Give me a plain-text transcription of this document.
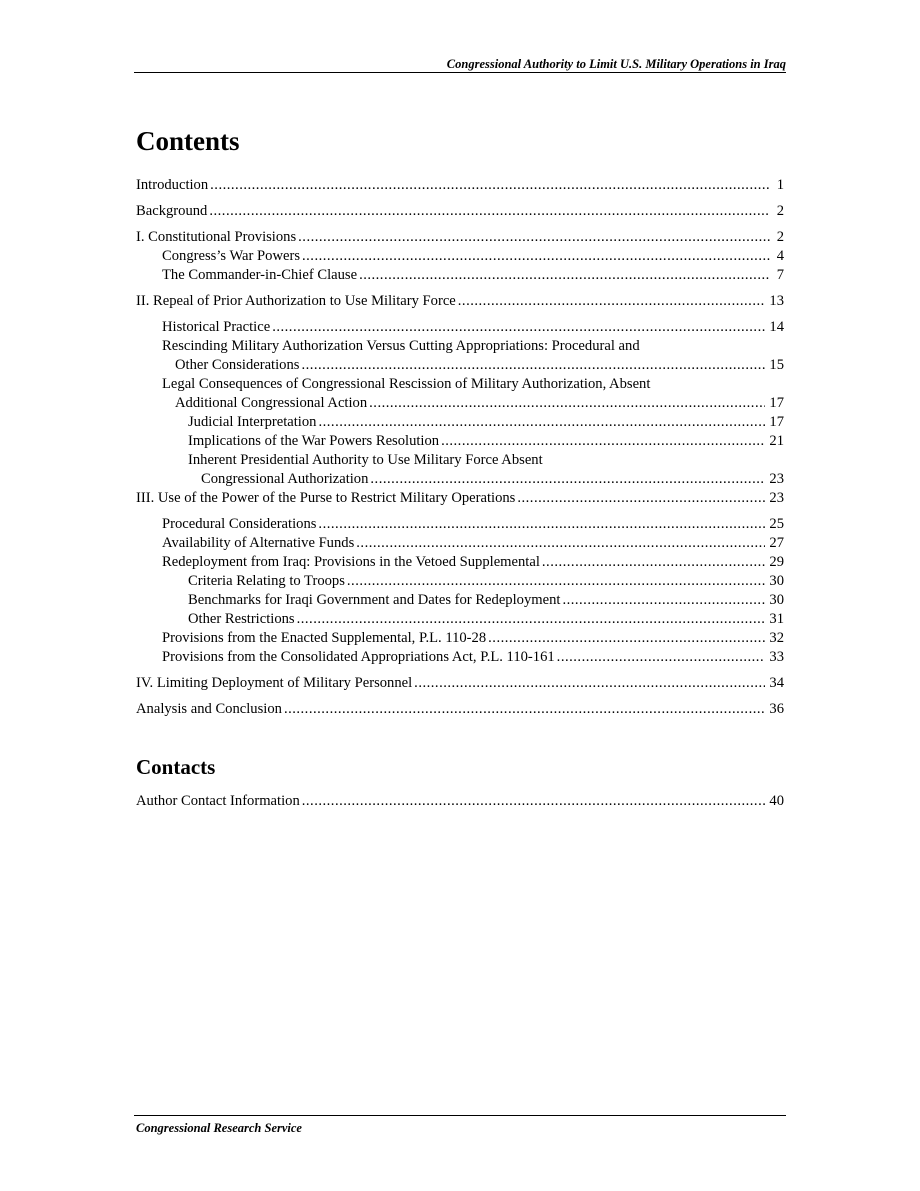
Congressional Authority to Limit U.S. Military Operations in Iraq
Contents
Introduction .....	1
Background .....	2
I. Constitutional Provisions .....	2
Congress’s War Powers .....	4
The Commander-in-Chief Clause .....	7
II. Repeal of Prior Authorization to Use Military Force .....	13
Historical Practice .....	14
Rescinding Military Authorization Versus Cutting Appropriations: Procedural and
Other Considerations .....	15
Legal Consequences of Congressional Rescission of Military Authorization, Absent
Additional Congressional Action .....	17
Judicial Interpretation .....	17
Implications of the War Powers Resolution .....	21
Inherent Presidential Authority to Use Military Force Absent
Congressional Authorization .....	23
III. Use of the Power of the Purse to Restrict Military Operations .....	23
Procedural Considerations .....	25
Availability of Alternative Funds .....	27
Redeployment from Iraq: Provisions in the Vetoed Supplemental .....	29
Criteria Relating to Troops .....	30
Benchmarks for Iraqi Government and Dates for Redeployment .....	30
Other Restrictions .....	31
Provisions from the Enacted Supplemental, P.L. 110-28 .....	32
Provisions from the Consolidated Appropriations Act, P.L. 110-161 .....	33
IV. Limiting Deployment of Military Personnel .....	34
Analysis and Conclusion .....	36
Contacts
Author Contact Information .....	40
Congressional Research Service
